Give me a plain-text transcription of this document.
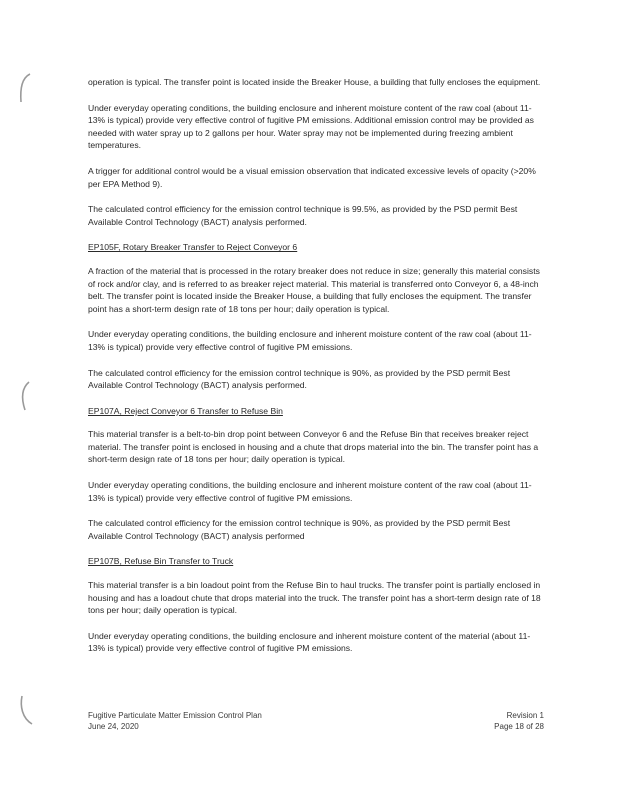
operation is typical. The transfer point is located inside the Breaker House, a building that fully encloses the equipment.

Under everyday operating conditions, the building enclosure and inherent moisture content of the raw coal (about 11-13% is typical) provide very effective control of fugitive PM emissions. Additional emission control may be provided as needed with water spray up to 2 gallons per hour. Water spray may not be implemented during freezing ambient temperatures.

A trigger for additional control would be a visual emission observation that indicated excessive levels of opacity (>20% per EPA Method 9).

The calculated control efficiency for the emission control technique is 99.5%, as provided by the PSD permit Best Available Control Technology (BACT) analysis performed.

EP105F, Rotary Breaker Transfer to Reject Conveyor 6

A fraction of the material that is processed in the rotary breaker does not reduce in size; generally this material consists of rock and/or clay, and is referred to as breaker reject material. This material is transferred onto Conveyor 6, a 48-inch belt. The transfer point is located inside the Breaker House, a building that fully encloses the equipment. The transfer point has a short-term design rate of 18 tons per hour; daily operation is typical.

Under everyday operating conditions, the building enclosure and inherent moisture content of the raw coal (about 11-13% is typical) provide very effective control of fugitive PM emissions.

The calculated control efficiency for the emission control technique is 90%, as provided by the PSD permit Best Available Control Technology (BACT) analysis performed.

EP107A, Reject Conveyor 6 Transfer to Refuse Bin

This material transfer is a belt-to-bin drop point between Conveyor 6 and the Refuse Bin that receives breaker reject material. The transfer point is enclosed in housing and a chute that drops material into the bin. The transfer point has a short-term design rate of 18 tons per hour; daily operation is typical.

Under everyday operating conditions, the building enclosure and inherent moisture content of the raw coal (about 11-13% is typical) provide very effective control of fugitive PM emissions.

The calculated control efficiency for the emission control technique is 90%, as provided by the PSD permit Best Available Control Technology (BACT) analysis performed

EP107B, Refuse Bin Transfer to Truck

This material transfer is a bin loadout point from the Refuse Bin to haul trucks. The transfer point is partially enclosed in housing and has a loadout chute that drops material into the truck. The transfer point has a short-term design rate of 18 tons per hour; daily operation is typical.

Under everyday operating conditions, the building enclosure and inherent moisture content of the material (about 11-13% is typical) provide very effective control of fugitive PM emissions.

Fugitive Particulate Matter Emission Control Plan	Revision 1
June 24, 2020	Page 18 of 28
